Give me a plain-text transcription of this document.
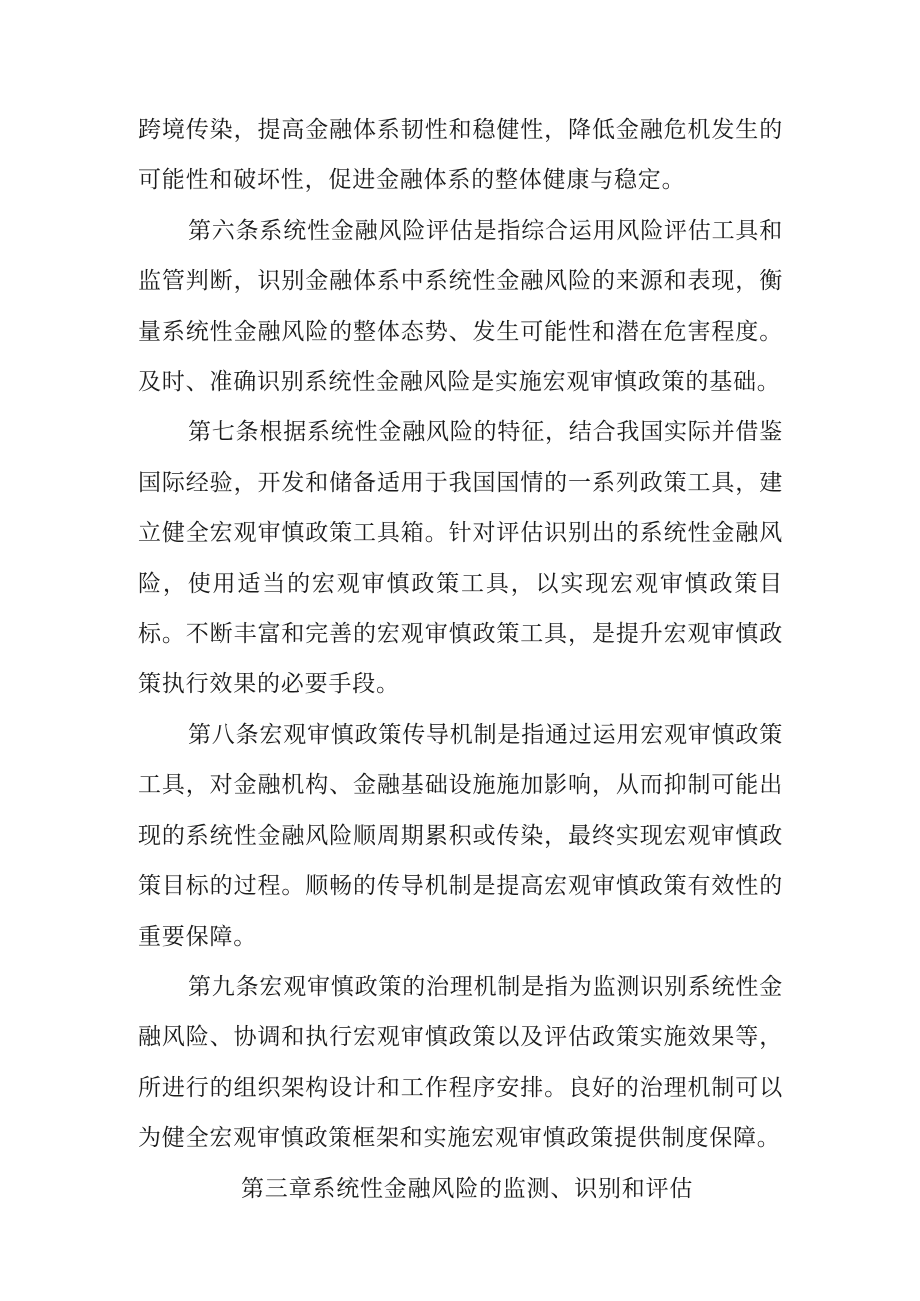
跨境传染，提高金融体系韧性和稳健性，降低金融危机发生的可能性和破坏性，促进金融体系的整体健康与稳定。

第六条系统性金融风险评估是指综合运用风险评估工具和监管判断，识别金融体系中系统性金融风险的来源和表现，衡量系统性金融风险的整体态势、发生可能性和潜在危害程度。及时、准确识别系统性金融风险是实施宏观审慎政策的基础。

第七条根据系统性金融风险的特征，结合我国实际并借鉴国际经验，开发和储备适用于我国国情的一系列政策工具，建立健全宏观审慎政策工具箱。针对评估识别出的系统性金融风险，使用适当的宏观审慎政策工具，以实现宏观审慎政策目标。不断丰富和完善的宏观审慎政策工具，是提升宏观审慎政策执行效果的必要手段。

第八条宏观审慎政策传导机制是指通过运用宏观审慎政策工具，对金融机构、金融基础设施施加影响，从而抑制可能出现的系统性金融风险顺周期累积或传染，最终实现宏观审慎政策目标的过程。顺畅的传导机制是提高宏观审慎政策有效性的重要保障。

第九条宏观审慎政策的治理机制是指为监测识别系统性金融风险、协调和执行宏观审慎政策以及评估政策实施效果等，所进行的组织架构设计和工作程序安排。良好的治理机制可以为健全宏观审慎政策框架和实施宏观审慎政策提供制度保障。

第三章系统性金融风险的监测、识别和评估
